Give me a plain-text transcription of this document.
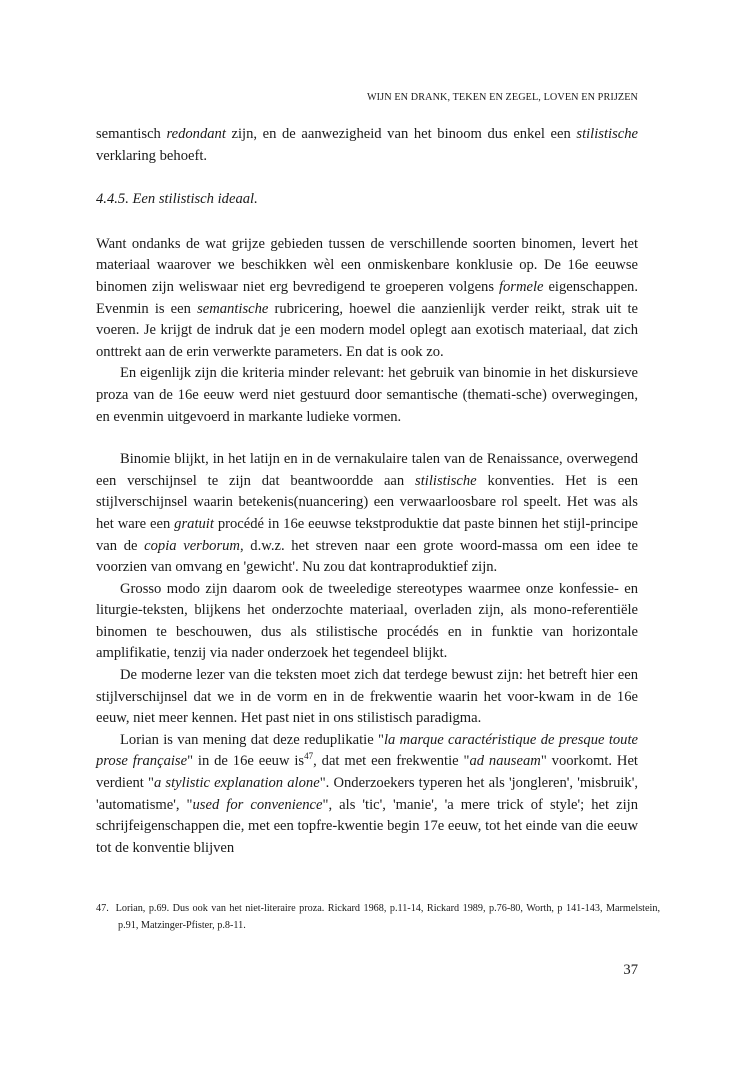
WIJN EN DRANK, TEKEN EN ZEGEL, LOVEN EN PRIJZEN

semantisch redondant zijn, en de aanwezigheid van het binoom dus enkel een stilistische verklaring behoeft.

4.4.5. Een stilistisch ideaal.

Want ondanks de wat grijze gebieden tussen de verschillende soorten binomen, levert het materiaal waarover we beschikken wèl een onmiskenbare konklusie op. De 16e eeuwse binomen zijn weliswaar niet erg bevredigend te groeperen volgens formele eigenschappen. Evenmin is een semantische rubricering, hoewel die aanzienlijk verder reikt, strak uit te voeren. Je krijgt de indruk dat je een modern model oplegt aan exotisch materiaal, dat zich onttrekt aan de erin verwerkte parameters. En dat is ook zo.

En eigenlijk zijn die kriteria minder relevant: het gebruik van binomie in het diskursieve proza van de 16e eeuw werd niet gestuurd door semantische (themati-sche) overwegingen, en evenmin uitgevoerd in markante ludieke vormen.

Binomie blijkt, in het latijn en in de vernakulaire talen van de Renaissance, overwegend een verschijnsel te zijn dat beantwoordde aan stilistische konventies. Het is een stijlverschijnsel waarin betekenis(nuancering) een verwaarloosbare rol speelt. Het was als het ware een gratuit procédé in 16e eeuwse tekstproduktie dat paste binnen het stijl-principe van de copia verborum, d.w.z. het streven naar een grote woord-massa om een idee te voorzien van omvang en 'gewicht'. Nu zou dat kontraproduktief zijn.

Grosso modo zijn daarom ook de tweeledige stereotypes waarmee onze konfessie- en liturgie-teksten, blijkens het onderzochte materiaal, overladen zijn, als mono-referentiële binomen te beschouwen, dus als stilistische procédés en in funktie van horizontale amplifikatie, tenzij via nader onderzoek het tegendeel blijkt.

De moderne lezer van die teksten moet zich dat terdege bewust zijn: het betreft hier een stijlverschijnsel dat we in de vorm en in de frekwentie waarin het voor-kwam in de 16e eeuw, niet meer kennen. Het past niet in ons stilistisch paradigma.

Lorian is van mening dat deze reduplikatie "la marque caractéristique de presque toute prose française" in de 16e eeuw $is^{47}$, dat met een frekwentie "ad nauseam" voorkomt. Het verdient "a stylistic explanation alone". Onderzoekers typeren het als 'jongleren', 'misbruik', 'automatisme', "used for convenience", als 'tic', 'manie', 'a mere trick of style'; het zijn schrijfeigenschappen die, met een topfre-kwentie begin 17e eeuw, tot het einde van die eeuw tot de konventie blijven

47.  Lorian, p.69. Dus ook van het niet-literaire proza. Rickard 1968, p.11-14, Rickard 1989, p.76-80, Worth, p 141-143, Marmelstein, p.91, Matzinger-Pfister, p.8-11.
37
